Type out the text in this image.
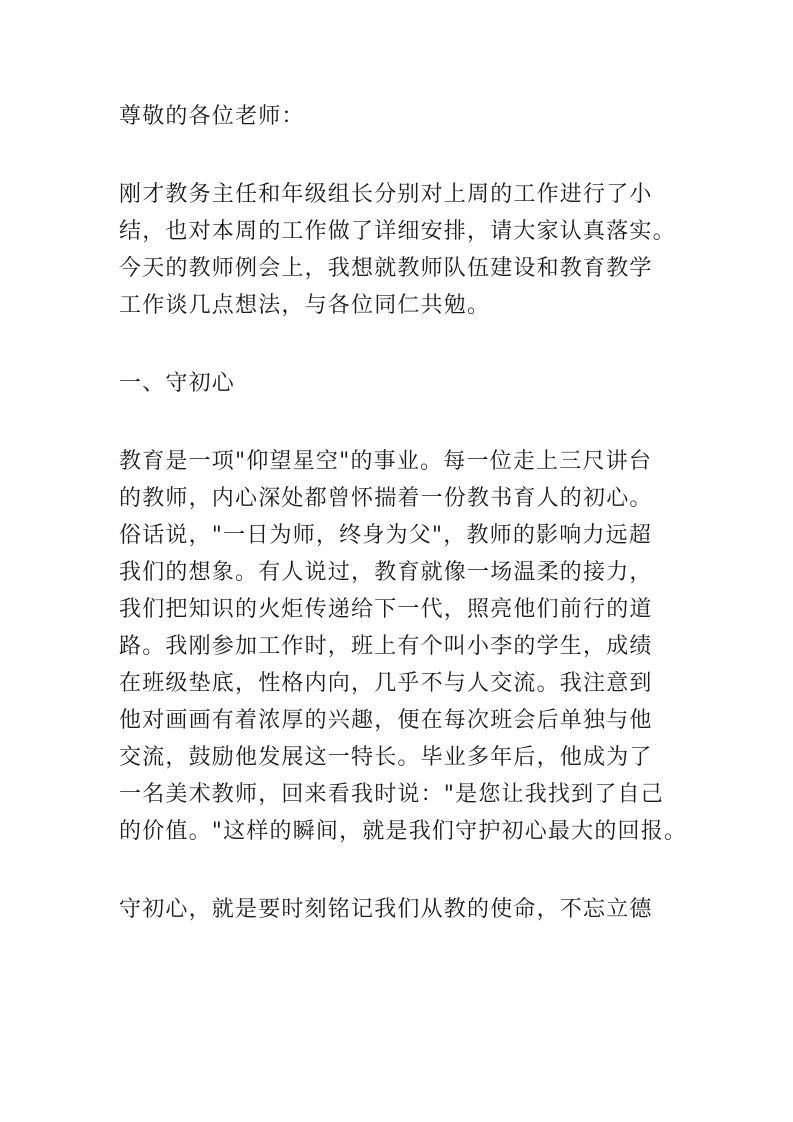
尊敬的各位老师：

刚才教务主任和年级组长分别对上周的工作进行了小
结，也对本周的工作做了详细安排，请大家认真落实。
今天的教师例会上，我想就教师队伍建设和教育教学
工作谈几点想法，与各位同仁共勉。

一、守初心

教育是一项"仰望星空"的事业。每一位走上三尺讲台
的教师，内心深处都曾怀揣着一份教书育人的初心。
俗话说，"一日为师，终身为父"，教师的影响力远超
我们的想象。有人说过，教育就像一场温柔的接力，
我们把知识的火炬传递给下一代，照亮他们前行的道
路。我刚参加工作时，班上有个叫小李的学生，成绩
在班级垫底，性格内向，几乎不与人交流。我注意到
他对画画有着浓厚的兴趣，便在每次班会后单独与他
交流，鼓励他发展这一特长。毕业多年后，他成为了
一名美术教师，回来看我时说："是您让我找到了自己
的价值。"这样的瞬间，就是我们守护初心最大的回报。

守初心，就是要时刻铭记我们从教的使命，不忘立德
